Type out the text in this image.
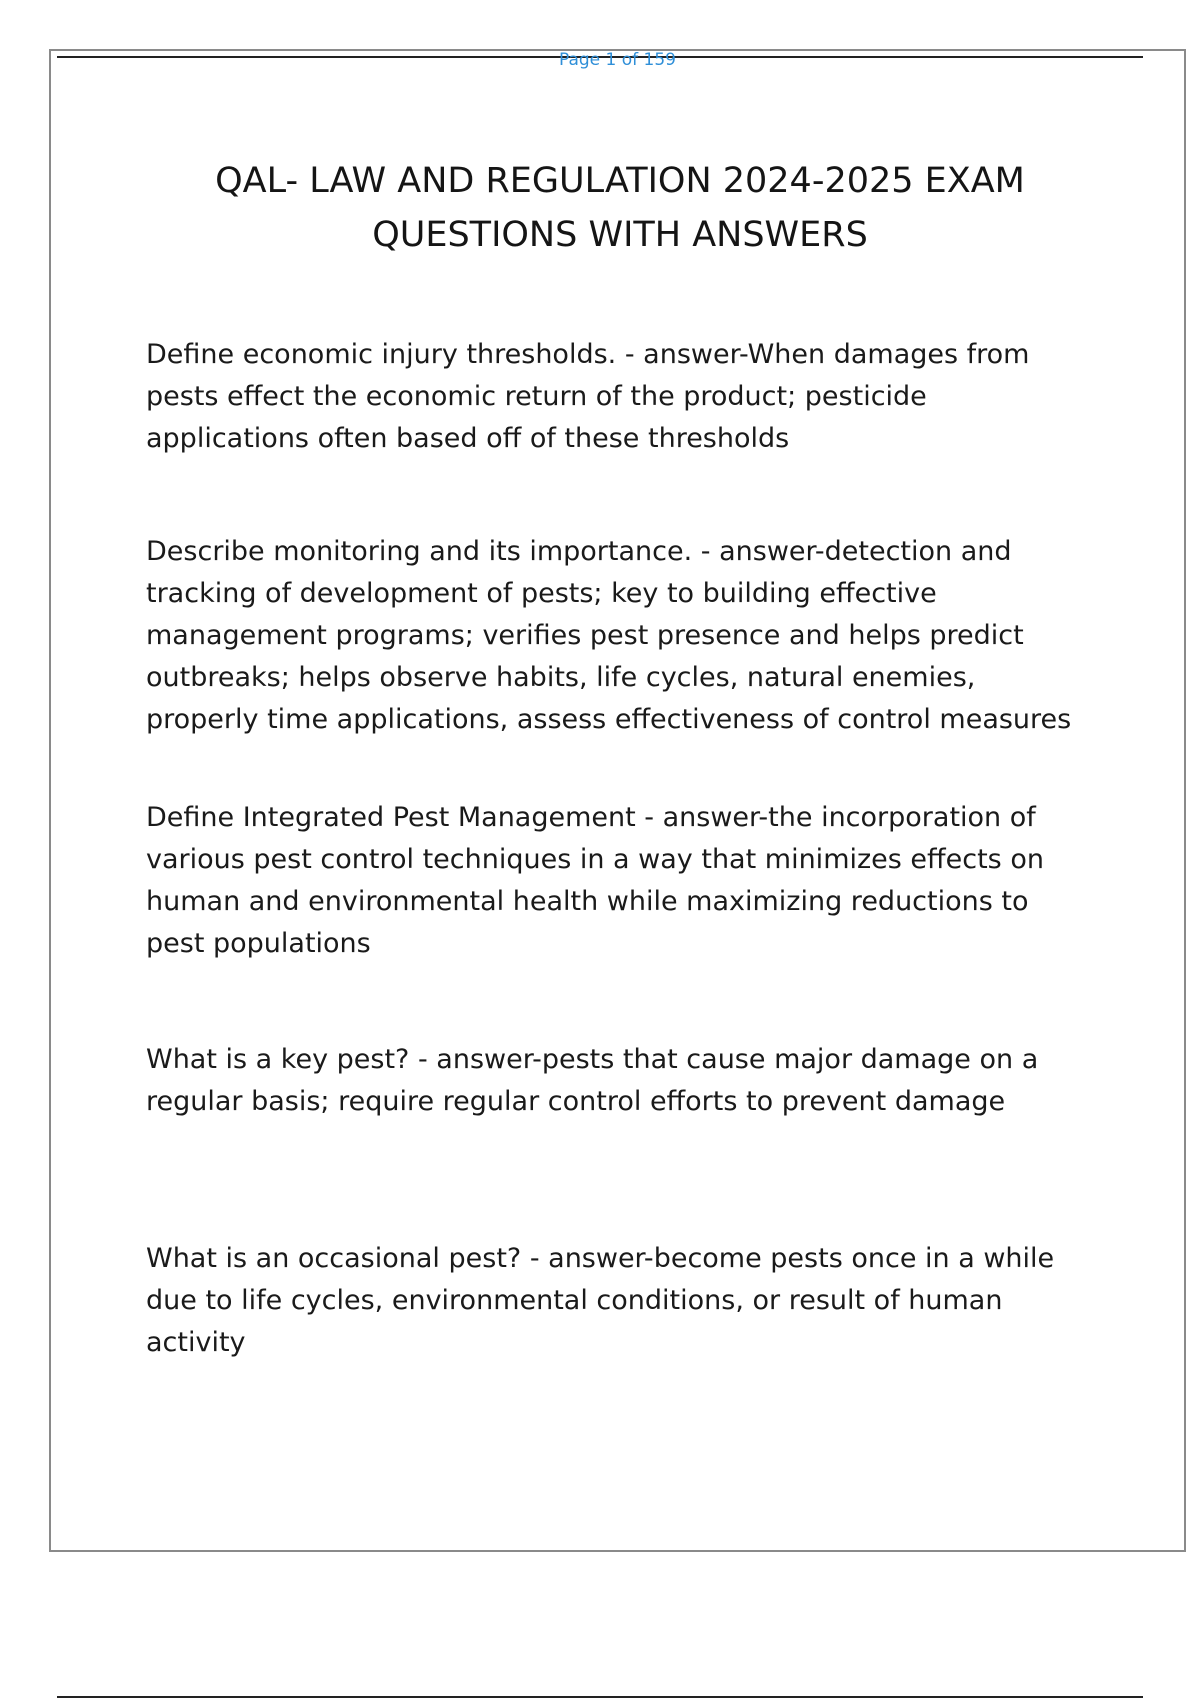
Page 1 of 159
QAL- LAW AND REGULATION 2024-2025 EXAM QUESTIONS WITH ANSWERS

Define economic injury thresholds. - answer-When damages from pests effect the economic return of the product; pesticide applications often based off of these thresholds

Describe monitoring and its importance. - answer-detection and tracking of development of pests; key to building effective management programs; verifies pest presence and helps predict outbreaks; helps observe habits, life cycles, natural enemies, properly time applications, assess effectiveness of control measures

Define Integrated Pest Management - answer-the incorporation of various pest control techniques in a way that minimizes effects on human and environmental health while maximizing reductions to pest populations

What is a key pest? - answer-pests that cause major damage on a regular basis; require regular control efforts to prevent damage

What is an occasional pest? - answer-become pests once in a while due to life cycles, environmental conditions, or result of human activity
